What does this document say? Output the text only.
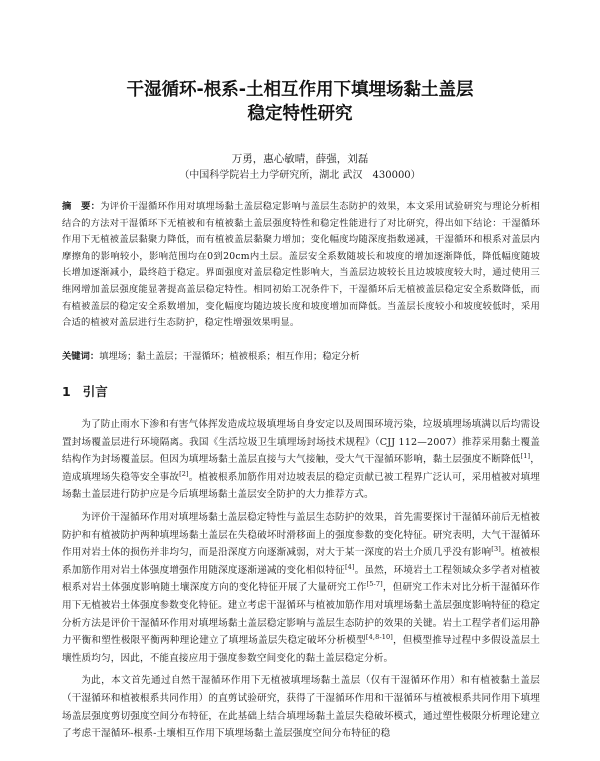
干湿循环-根系-土相互作用下填埋场黏土盖层
稳定特性研究
万勇，惠心敏晴，薛强，刘磊
（中国科学院岩土力学研究所，湖北 武汉　430000）
摘　要：为评价干湿循环作用对填埋场黏土盖层稳定影响与盖层生态防护的效果，本文采用试验研究与理论分析相结合的方法对干湿循环下无植被和有植被黏土盖层强度特性和稳定性能进行了对比研究，得出如下结论：干湿循环作用下无植被盖层黏聚力降低，而有植被盖层黏聚力增加；变化幅度均随深度指数递减，干湿循环和根系对盖层内摩擦角的影响较小，影响范围均在0到20cm内土层。盖层安全系数随坡长和坡度的增加逐渐降低，降低幅度随坡长增加逐渐减小，最终趋于稳定。界面强度对盖层稳定性影响大，当盖层边坡较长且边坡坡度较大时，通过使用三维网增加盖层强度能显著提高盖层稳定特性。相同初始工况条件下，干湿循环后无植被盖层稳定安全系数降低，而有植被盖层的稳定安全系数增加，变化幅度均随边坡长度和坡度增加而降低。当盖层长度较小和坡度较低时，采用合适的植被对盖层进行生态防护，稳定性增强效果明显。
关键词：填埋场；黏土盖层；干湿循环；植被根系；相互作用；稳定分析
1 引言

为了防止雨水下渗和有害气体挥发造成垃圾填埋场自身安定以及周围环境污染，垃圾填埋场填满以后均需设置封场覆盖层进行环境隔离。我国《生活垃圾卫生填埋场封场技术规程》（CJJ 112—2007）推荐采用黏土覆盖结构作为封场覆盖层。但因为填埋场黏土盖层直接与大气接触，受大气干湿循环影响，黏土层强度不断降低[1]，造成填埋场失稳等安全事故[2]。植被根系加筋作用对边坡表层的稳定贡献已被工程界广泛认可，采用植被对填埋场黏土盖层进行防护应是今后填埋场黏土盖层安全防护的大力推荐方式。

为评价干湿循环作用对填埋场黏土盖层稳定特性与盖层生态防护的效果，首先需要探讨干湿循环前后无植被防护和有植被防护两种填埋场黏土盖层在失稳破坏时滑移面上的强度参数的变化特征。研究表明，大气干湿循环作用对岩土体的损伤并非均匀，而是沿深度方向逐渐减弱，对大于某一深度的岩土介质几乎没有影响[3]。植被根系加筋作用对岩土体强度增强作用随深度逐渐递减的变化相似特征[4]。虽然，环境岩土工程领域众多学者对植被根系对岩土体强度影响随土壤深度方向的变化特征开展了大量研究工作[5-7]，但研究工作未对比分析干湿循环作用下无植被岩土体强度参数变化特征。建立考虑干湿循环与植被加筋作用对填埋场黏土盖层强度影响特征的稳定分析方法是评价干湿循环作用对填埋场黏土盖层稳定影响与盖层生态防护的效果的关键。岩土工程学者们运用静力平衡和塑性极限平衡两种理论建立了填埋场盖层失稳定破坏分析模型[4,8-10]，但模型推导过程中多假设盖层土壤性质均匀，因此，不能直接应用于强度参数空间变化的黏土盖层稳定分析。

为此，本文首先通过自然干湿循环作用下无植被填埋场黏土盖层（仅有干湿循环作用）和有植被黏土盖层（干湿循环和植被根系共同作用）的直剪试验研究，获得了干湿循环作用和干湿循环与植被根系共同作用下填埋场盖层强度剪切强度空间分布特征，在此基础上结合填埋场黏土盖层失稳破坏模式，通过塑性极限分析理论建立了考虑干湿循环-根系-土壤相互作用下填埋场黏土盖层强度空间分布特征的稳
